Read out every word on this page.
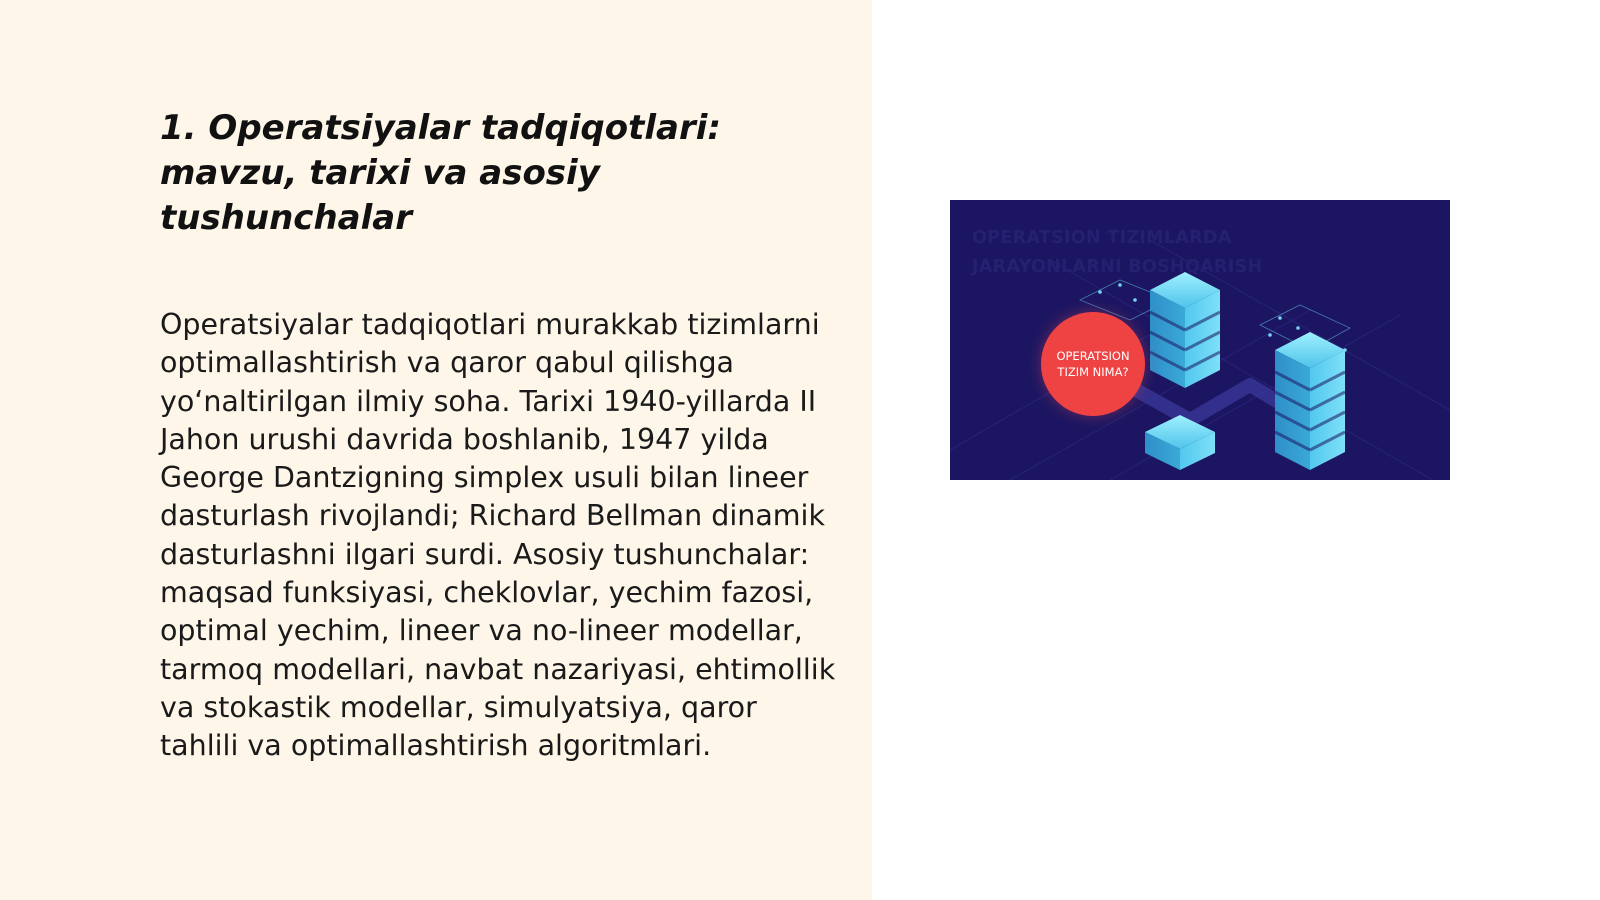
1. Operatsiyalar tadqiqotlari: mavzu, tarixi va asosiy tushunchalar

Operatsiyalar tadqiqotlari murakkab tizimlarni optimallashtirish va qaror qabul qilishga yo‘naltirilgan ilmiy soha. Tarixi 1940-yillarda II Jahon urushi davrida boshlanib, 1947 yilda George Dantzigning simplex usuli bilan lineer dasturlash rivojlandi; Richard Bellman dinamik dasturlashni ilgari surdi. Asosiy tushunchalar: maqsad funksiyasi, cheklovlar, yechim fazosi, optimal yechim, lineer va no-lineer modellar, tarmoq modellari, navbat nazariyasi, ehtimollik va stokastik modellar, simulyatsiya, qaror tahlili va optimallashtirish algoritmlari.

OPERATSION TIZIMLARDA
JARAYONLARNI BOSHQARISH
OPERATSION
TIZIM NIMA?
